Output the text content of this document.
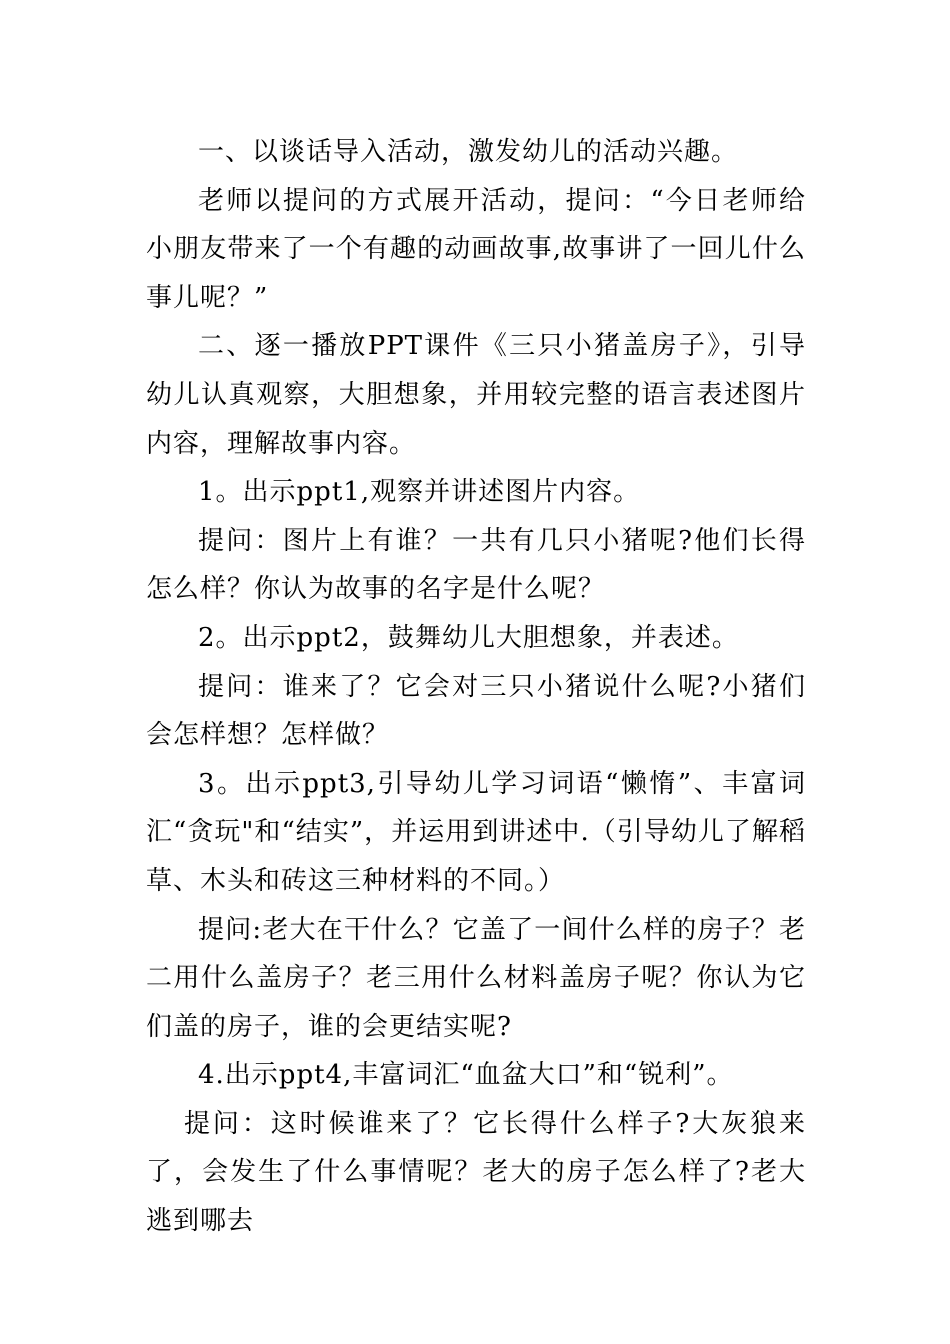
一、以谈话导入活动，激发幼儿的活动兴趣。

老师以提问的方式展开活动，提问：“今日老师给小朋友带来了一个有趣的动画故事,故事讲了一回儿什么事儿呢？”

二、逐一播放PPT课件《三只小猪盖房子》，引导幼儿认真观察，大胆想象，并用较完整的语言表述图片内容，理解故事内容。

1。出示ppt1,观察并讲述图片内容。

提问：图片上有谁？一共有几只小猪呢?他们长得怎么样？你认为故事的名字是什么呢？

2。出示ppt2，鼓舞幼儿大胆想象，并表述。

提问：谁来了？它会对三只小猪说什么呢?小猪们会怎样想？怎样做？

3。出示ppt3,引导幼儿学习词语“懒惰”、丰富词汇“贪玩"和“结实”，并运用到讲述中.（引导幼儿了解稻草、木头和砖这三种材料的不同。）

提问:老大在干什么？它盖了一间什么样的房子？老二用什么盖房子？老三用什么材料盖房子呢？你认为它们盖的房子，谁的会更结实呢?

4.出示ppt4,丰富词汇“血盆大口”和“锐利”。

提问：这时候谁来了？它长得什么样子?大灰狼来了，会发生了什么事情呢？老大的房子怎么样了?老大逃到哪去
